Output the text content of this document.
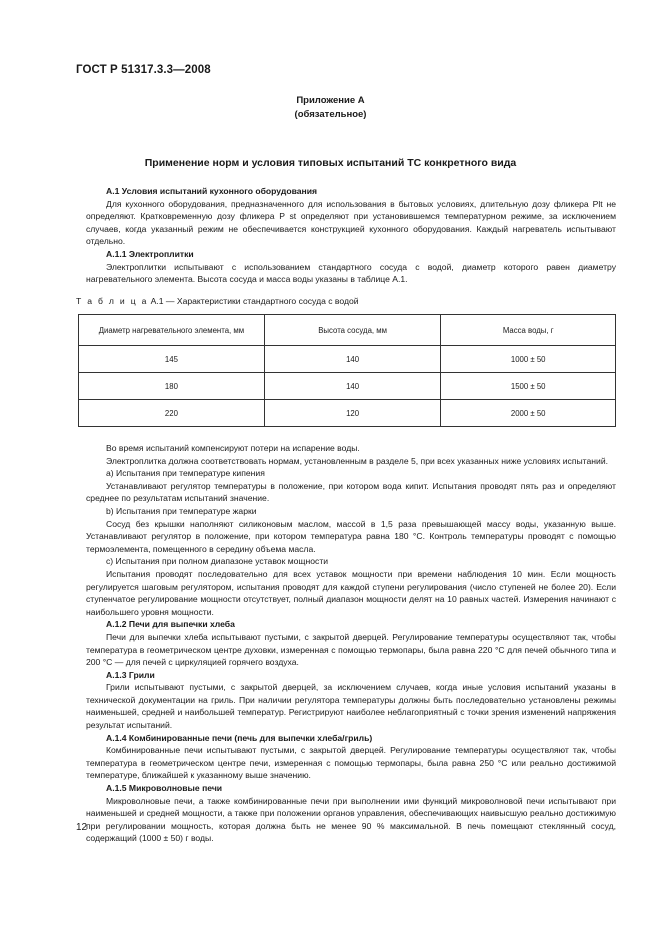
ГОСТ Р 51317.3.3—2008
Приложение А
(обязательное)
Применение норм и условия типовых испытаний ТС конкретного вида

А.1 Условия испытаний кухонного оборудования

Для кухонного оборудования, предназначенного для использования в бытовых условиях, длительную дозу фликера Plt не определяют. Кратковременную дозу фликера P st определяют при установившемся температурном режиме, за исключением случаев, когда указанный режим не обеспечивается конструкцией кухонного оборудования. Каждый нагреватель испытывают отдельно.

А.1.1 Электроплитки

Электроплитки испытывают с использованием стандартного сосуда с водой, диаметр которого равен диаметру нагревательного элемента. Высота сосуда и масса воды указаны в таблице А.1.

Т а б л и ц а А.1 — Характеристики стандартного сосуда с водой
Диаметр нагревательного элемента, мм	Высота сосуда, мм	Масса воды, г
145	140	1000 ± 50
180	140	1500 ± 50
220	120	2000 ± 50

Во время испытаний компенсируют потери на испарение воды.

Электроплитка должна соответствовать нормам, установленным в разделе 5, при всех указанных ниже условиях испытаний.

a) Испытания при температуре кипения

Устанавливают регулятор температуры в положение, при котором вода кипит. Испытания проводят пять раз и определяют среднее по результатам испытаний значение.

b) Испытания при температуре жарки

Сосуд без крышки наполняют силиконовым маслом, массой в 1,5 раза превышающей массу воды, указанную выше. Устанавливают регулятор в положение, при котором температура равна 180 °С. Контроль температуры проводят с помощью термоэлемента, помещенного в середину объема масла.

c) Испытания при полном диапазоне уставок мощности

Испытания проводят последовательно для всех уставок мощности при времени наблюдения 10 мин. Если мощность регулируется шаговым регулятором, испытания проводят для каждой ступени регулирования (число ступеней не более 20). Если ступенчатое регулирование мощности отсутствует, полный диапазон мощности делят на 10 равных частей. Измерения начинают с наибольшего уровня мощности.

А.1.2 Печи для выпечки хлеба

Печи для выпечки хлеба испытывают пустыми, с закрытой дверцей. Регулирование температуры осуществляют так, чтобы температура в геометрическом центре духовки, измеренная с помощью термопары, была равна 220 °С для печей обычного типа и 200 °С — для печей с циркуляцией горячего воздуха.

А.1.3 Грили

Грили испытывают пустыми, с закрытой дверцей, за исключением случаев, когда иные условия испытаний указаны в технической документации на гриль. При наличии регулятора температуры должны быть последовательно установлены режимы наименьшей, средней и наибольшей температур. Регистрируют наиболее неблагоприятный с точки зрения изменений напряжения результат испытаний.

А.1.4 Комбинированные печи (печь для выпечки хлеба/гриль)

Комбинированные печи испытывают пустыми, с закрытой дверцей. Регулирование температуры осуществляют так, чтобы температура в геометрическом центре печи, измеренная с помощью термопары, была равна 250 °С или реально достижимой температуре, ближайшей к указанному выше значению.

А.1.5 Микроволновые печи

Микроволновые печи, а также комбинированные печи при выполнении ими функций микроволновой печи испытывают при наименьшей и средней мощности, а также при положении органов управления, обеспечивающих наивысшую реально достижимую при регулировании мощность, которая должна быть не менее 90 % максимальной. В печь помещают стеклянный сосуд, содержащий (1000 ± 50) г воды.

12
